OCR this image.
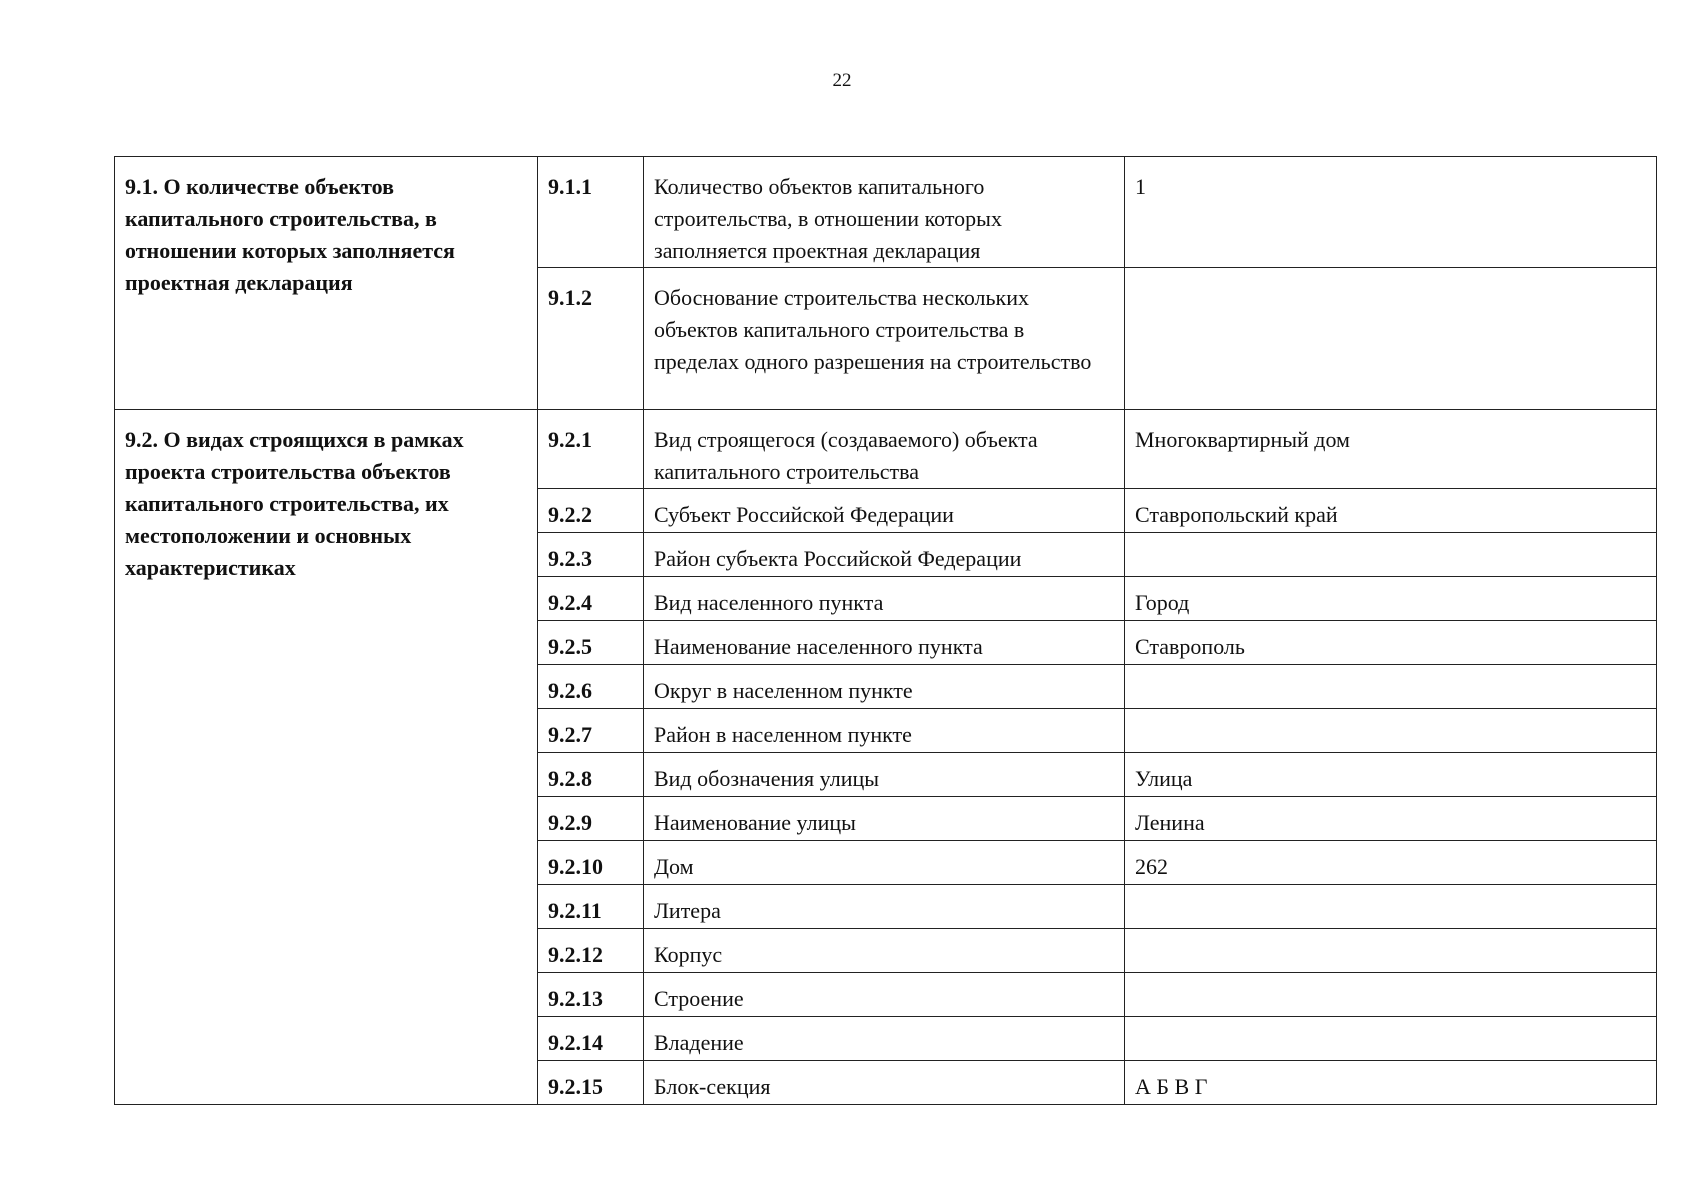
22
9.1. О количестве объектов капитального строительства, в отношении которых заполняется проектная декларация	9.1.1	Количество объектов капитального строительства, в отношении которых заполняется проектная декларация	1
	9.1.2	Обоснование строительства нескольких объектов капитального строительства в пределах одного разрешения на строительство	
9.2. О видах строящихся в рамках проекта строительства объектов капитального строительства, их местоположении и основных характеристиках	9.2.1	Вид строящегося (создаваемого) объекта капитального строительства	Многоквартирный дом
	9.2.2	Субъект Российской Федерации	Ставропольский край
	9.2.3	Район субъекта Российской Федерации	
	9.2.4	Вид населенного пункта	Город
	9.2.5	Наименование населенного пункта	Ставрополь
	9.2.6	Округ в населенном пункте	
	9.2.7	Район в населенном пункте	
	9.2.8	Вид обозначения улицы	Улица
	9.2.9	Наименование улицы	Ленина
	9.2.10	Дом	262
	9.2.11	Литера	
	9.2.12	Корпус	
	9.2.13	Строение	
	9.2.14	Владение	
	9.2.15	Блок-секция	А Б В Г
